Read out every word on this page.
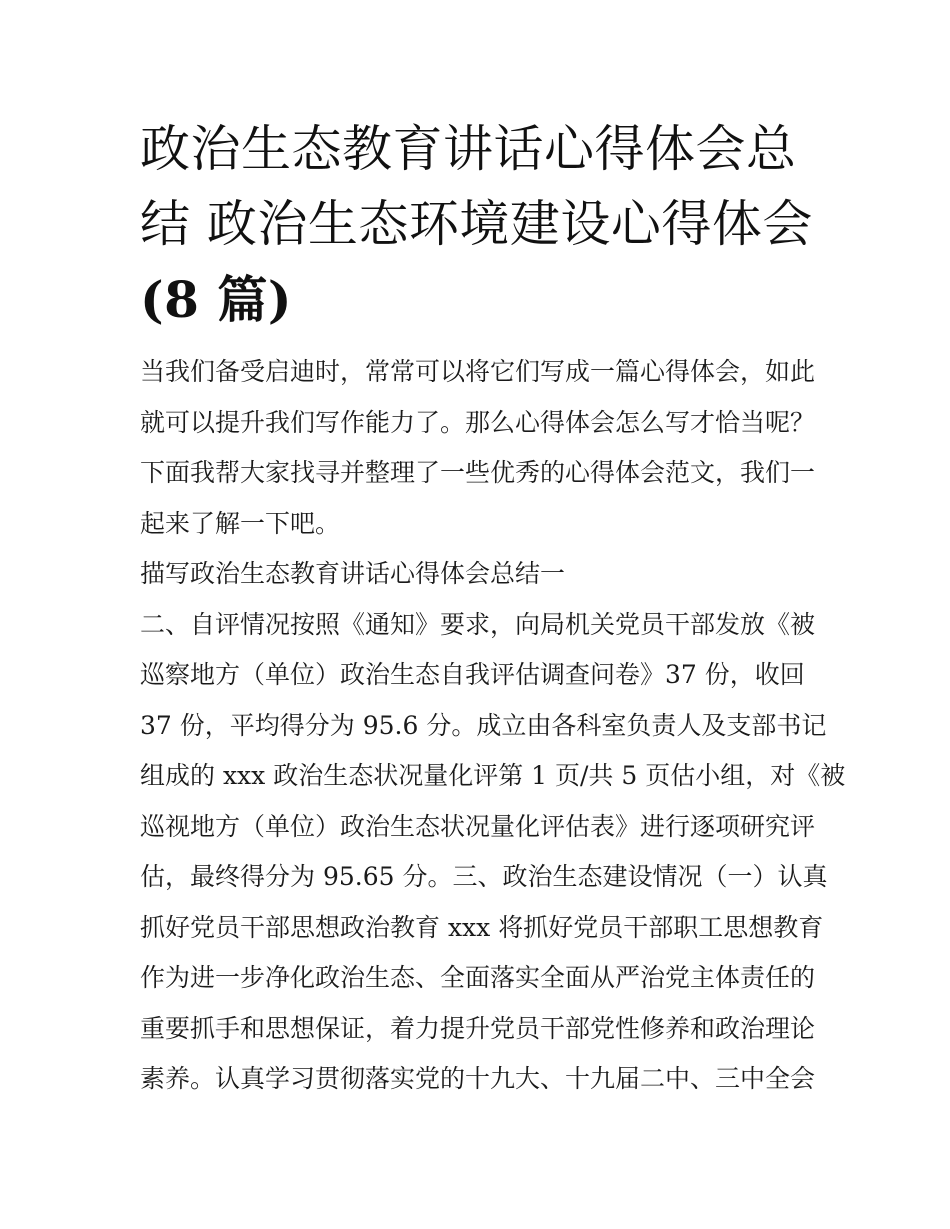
政治生态教育讲话心得体会总
结 政治生态环境建设心得体会
(8 篇)
当我们备受启迪时，常常可以将它们写成一篇心得体会，如此
就可以提升我们写作能力了。那么心得体会怎么写才恰当呢？
下面我帮大家找寻并整理了一些优秀的心得体会范文，我们一
起来了解一下吧。
描写政治生态教育讲话心得体会总结一
二、自评情况按照《通知》要求，向局机关党员干部发放《被
巡察地方（单位）政治生态自我评估调查问卷》37 份，收回
37 份，平均得分为 95.6 分。成立由各科室负责人及支部书记
组成的 xxx 政治生态状况量化评第 1 页/共 5 页估小组，对《被
巡视地方（单位）政治生态状况量化评估表》进行逐项研究评
估，最终得分为 95.65 分。三、政治生态建设情况（一）认真
抓好党员干部思想政治教育 xxx 将抓好党员干部职工思想教育
作为进一步净化政治生态、全面落实全面从严治党主体责任的
重要抓手和思想保证，着力提升党员干部党性修养和政治理论
素养。认真学习贯彻落实党的十九大、十九届二中、三中全会
